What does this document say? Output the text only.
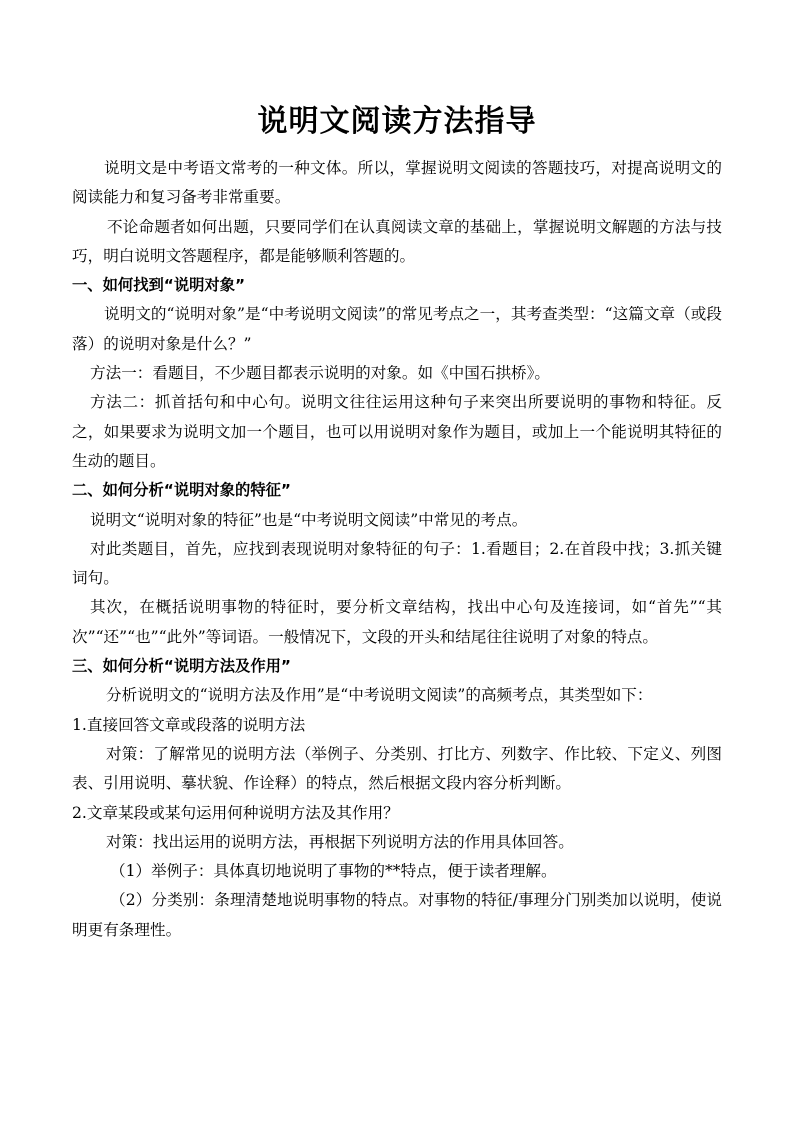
说明文阅读方法指导

说明文是中考语文常考的一种文体。所以，掌握说明文阅读的答题技巧，对提高说明文的阅读能力和复习备考非常重要。

不论命题者如何出题，只要同学们在认真阅读文章的基础上，掌握说明文解题的方法与技巧，明白说明文答题程序，都是能够顺利答题的。

一、如何找到“说明对象”

说明文的“说明对象”是“中考说明文阅读”的常见考点之一，其考查类型：“这篇文章（或段落）的说明对象是什么？”

方法一：看题目，不少题目都表示说明的对象。如《中国石拱桥》。

方法二：抓首括句和中心句。说明文往往运用这种句子来突出所要说明的事物和特征。反之，如果要求为说明文加一个题目，也可以用说明对象作为题目，或加上一个能说明其特征的生动的题目。

二、如何分析“说明对象的特征”

说明文“说明对象的特征”也是“中考说明文阅读”中常见的考点。

对此类题目，首先，应找到表现说明对象特征的句子：1.看题目；2.在首段中找；3.抓关键词句。

其次，在概括说明事物的特征时，要分析文章结构，找出中心句及连接词，如“首先”“其次”“还”“也”“此外”等词语。一般情况下，文段的开头和结尾往往说明了对象的特点。

三、如何分析“说明方法及作用”

分析说明文的“说明方法及作用”是“中考说明文阅读”的高频考点，其类型如下：

1.直接回答文章或段落的说明方法

对策：了解常见的说明方法（举例子、分类别、打比方、列数字、作比较、下定义、列图表、引用说明、摹状貌、作诠释）的特点，然后根据文段内容分析判断。

2.文章某段或某句运用何种说明方法及其作用？

对策：找出运用的说明方法，再根据下列说明方法的作用具体回答。

（1）举例子：具体真切地说明了事物的**特点，便于读者理解。

（2）分类别：条理清楚地说明事物的特点。对事物的特征/事理分门别类加以说明，使说明更有条理性。
